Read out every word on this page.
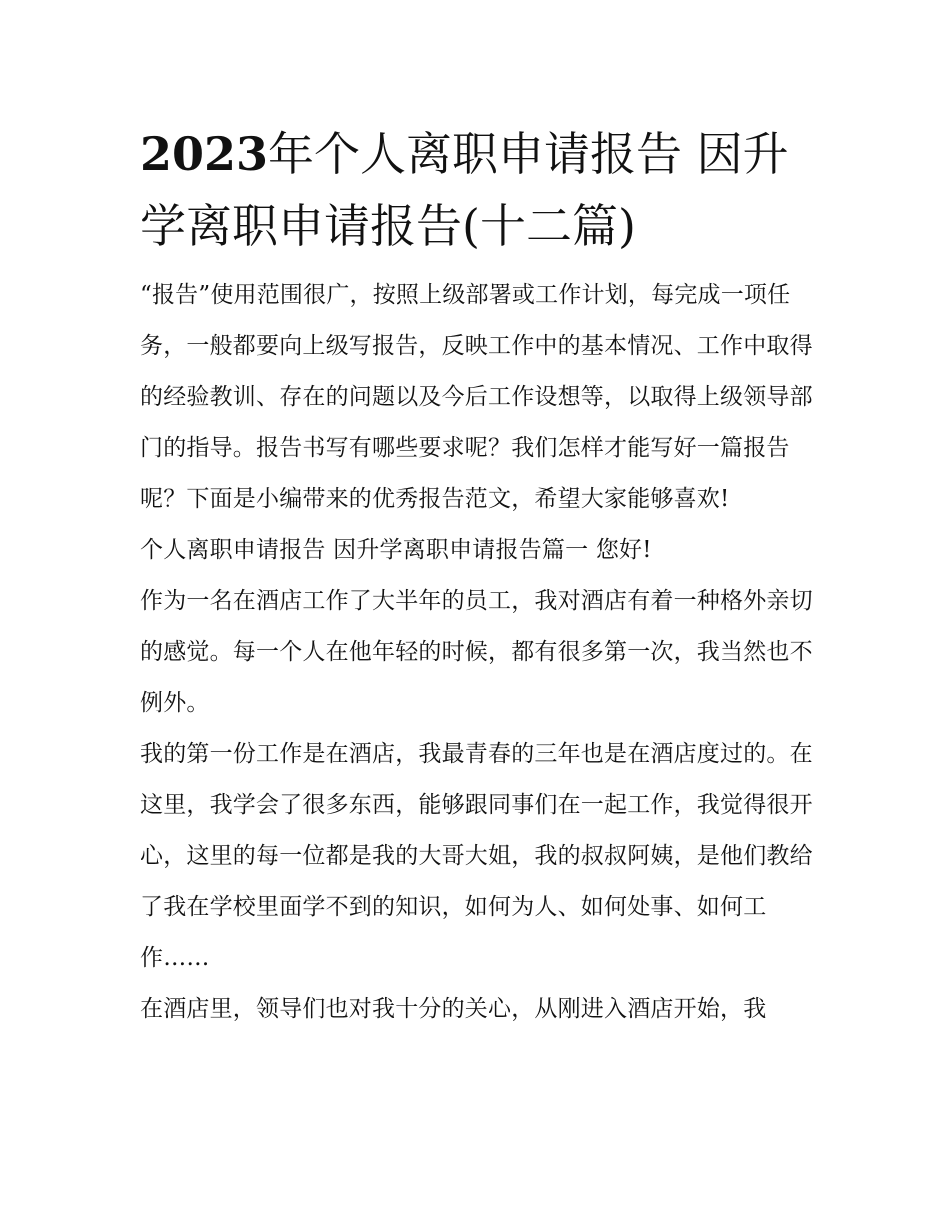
2023年个人离职申请报告 因升学离职申请报告(十二篇)

“报告”使用范围很广，按照上级部署或工作计划，每完成一项任务，一般都要向上级写报告，反映工作中的基本情况、工作中取得的经验教训、存在的问题以及今后工作设想等，以取得上级领导部门的指导。报告书写有哪些要求呢？我们怎样才能写好一篇报告呢？下面是小编带来的优秀报告范文，希望大家能够喜欢!

个人离职申请报告 因升学离职申请报告篇一 您好!

作为一名在酒店工作了大半年的员工，我对酒店有着一种格外亲切的感觉。每一个人在他年轻的时候，都有很多第一次，我当然也不例外。

我的第一份工作是在酒店，我最青春的三年也是在酒店度过的。在这里，我学会了很多东西，能够跟同事们在一起工作，我觉得很开心，这里的每一位都是我的大哥大姐，我的叔叔阿姨，是他们教给了我在学校里面学不到的知识，如何为人、如何处事、如何工作……

在酒店里，领导们也对我十分的关心，从刚进入酒店开始，我
